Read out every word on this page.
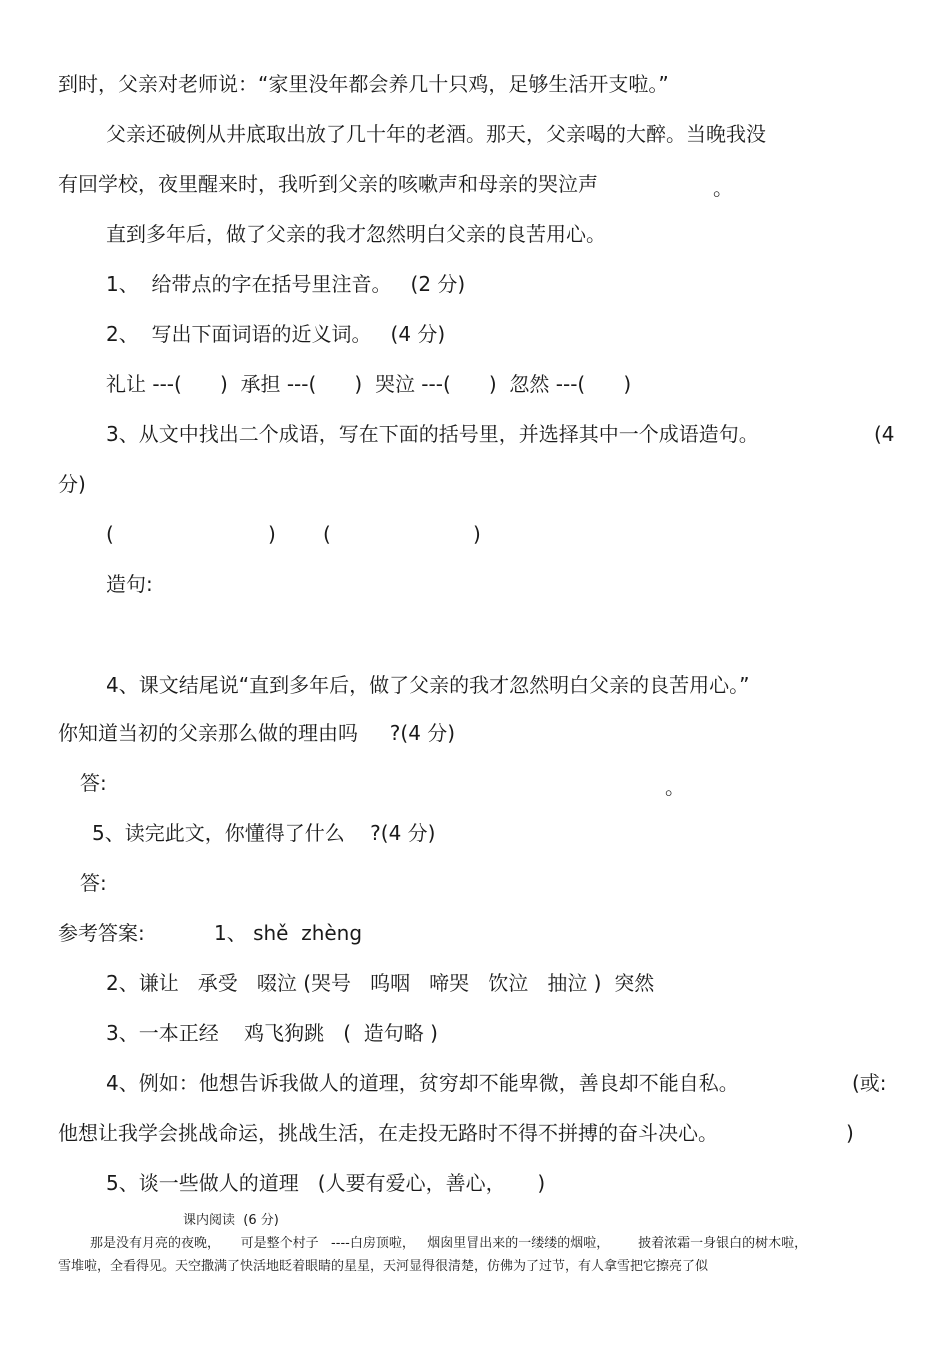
到时，父亲对老师说：“家里没年都会养几十只鸡，足够生活开支啦。”
父亲还破例从井底取出放了几十年的老酒。那天，父亲喝的大醉。当晚我没
有回学校，夜里醒来时，我听到父亲的咳嗽声和母亲的哭泣声	。
直到多年后，做了父亲的我才忽然明白父亲的良苦用心。
1、  给带点的字在括号里注音。   (2 分)
2、  写出下面词语的近义词。   (4 分)
礼让 ---(      )  承担 ---(      )  哭泣 ---(      )  忽然 ---(      )
3、从文中找出二个成语，写在下面的括号里，并选择其中一个成语造句。	(4
分)
(	) (	)
造句:
4、课文结尾说“直到多年后，做了父亲的我才忽然明白父亲的良苦用心。”
你知道当初的父亲那么做的理由吗     ?(4 分)
答:	。
5、读完此文，你懂得了什么    ?(4 分)
答:
参考答案:	1、 shě  zhèng
2、谦让   承受   啜泣 (哭号   呜咽   啼哭   饮泣   抽泣 )  突然
3、一本正经    鸡飞狗跳   (  造句略 )
4、例如：他想告诉我做人的道理，贫穷却不能卑微，善良却不能自私。	(或:
他想让我学会挑战命运，挑战生活，在走投无路时不得不拼搏的奋斗决心。	)
5、谈一些做人的道理   (人要有爱心，善心，     )
课内阅读  (6 分)
那是没有月亮的夜晚，     可是整个村子   ----白房顶啦，   烟囱里冒出来的一缕缕的烟啦，       披着浓霜一身银白的树木啦，
雪堆啦，全看得见。天空撒满了快活地眨着眼睛的星星，天河显得很清楚，仿佛为了过节，有人拿雪把它擦亮了似
